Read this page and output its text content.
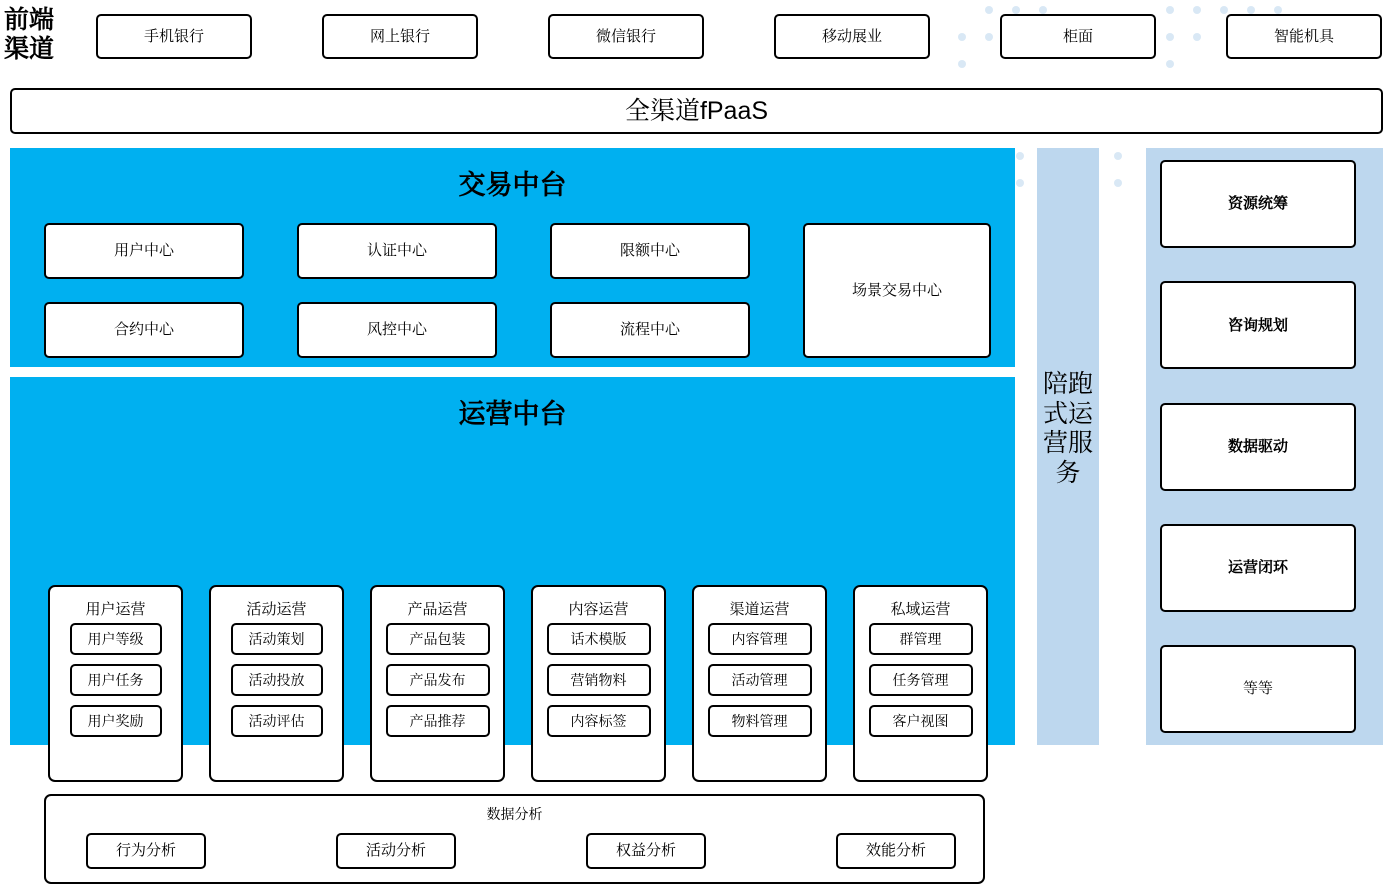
前端
渠道	手机银行	网上银行	微信银行	移动展业	柜面	智能机具
全渠道fPaaS
交易中台
用户中心	认证中心	限额中心
场景交易中心
合约中心	风控中心	流程中心
运营中台
用户运营
用户等级
用户任务
用户奖励
活动运营
活动策划
活动投放
活动评估
产品运营
产品包装
产品发布
产品推荐
内容运营
话术模版
营销物料
内容标签
渠道运营
内容管理
活动管理
物料管理
私域运营
群管理
任务管理
客户视图
数据分析
行为分析	活动分析	权益分析	效能分析
陪跑
式运
营服
务
资源统筹
咨询规划
数据驱动
运营闭环
等等
